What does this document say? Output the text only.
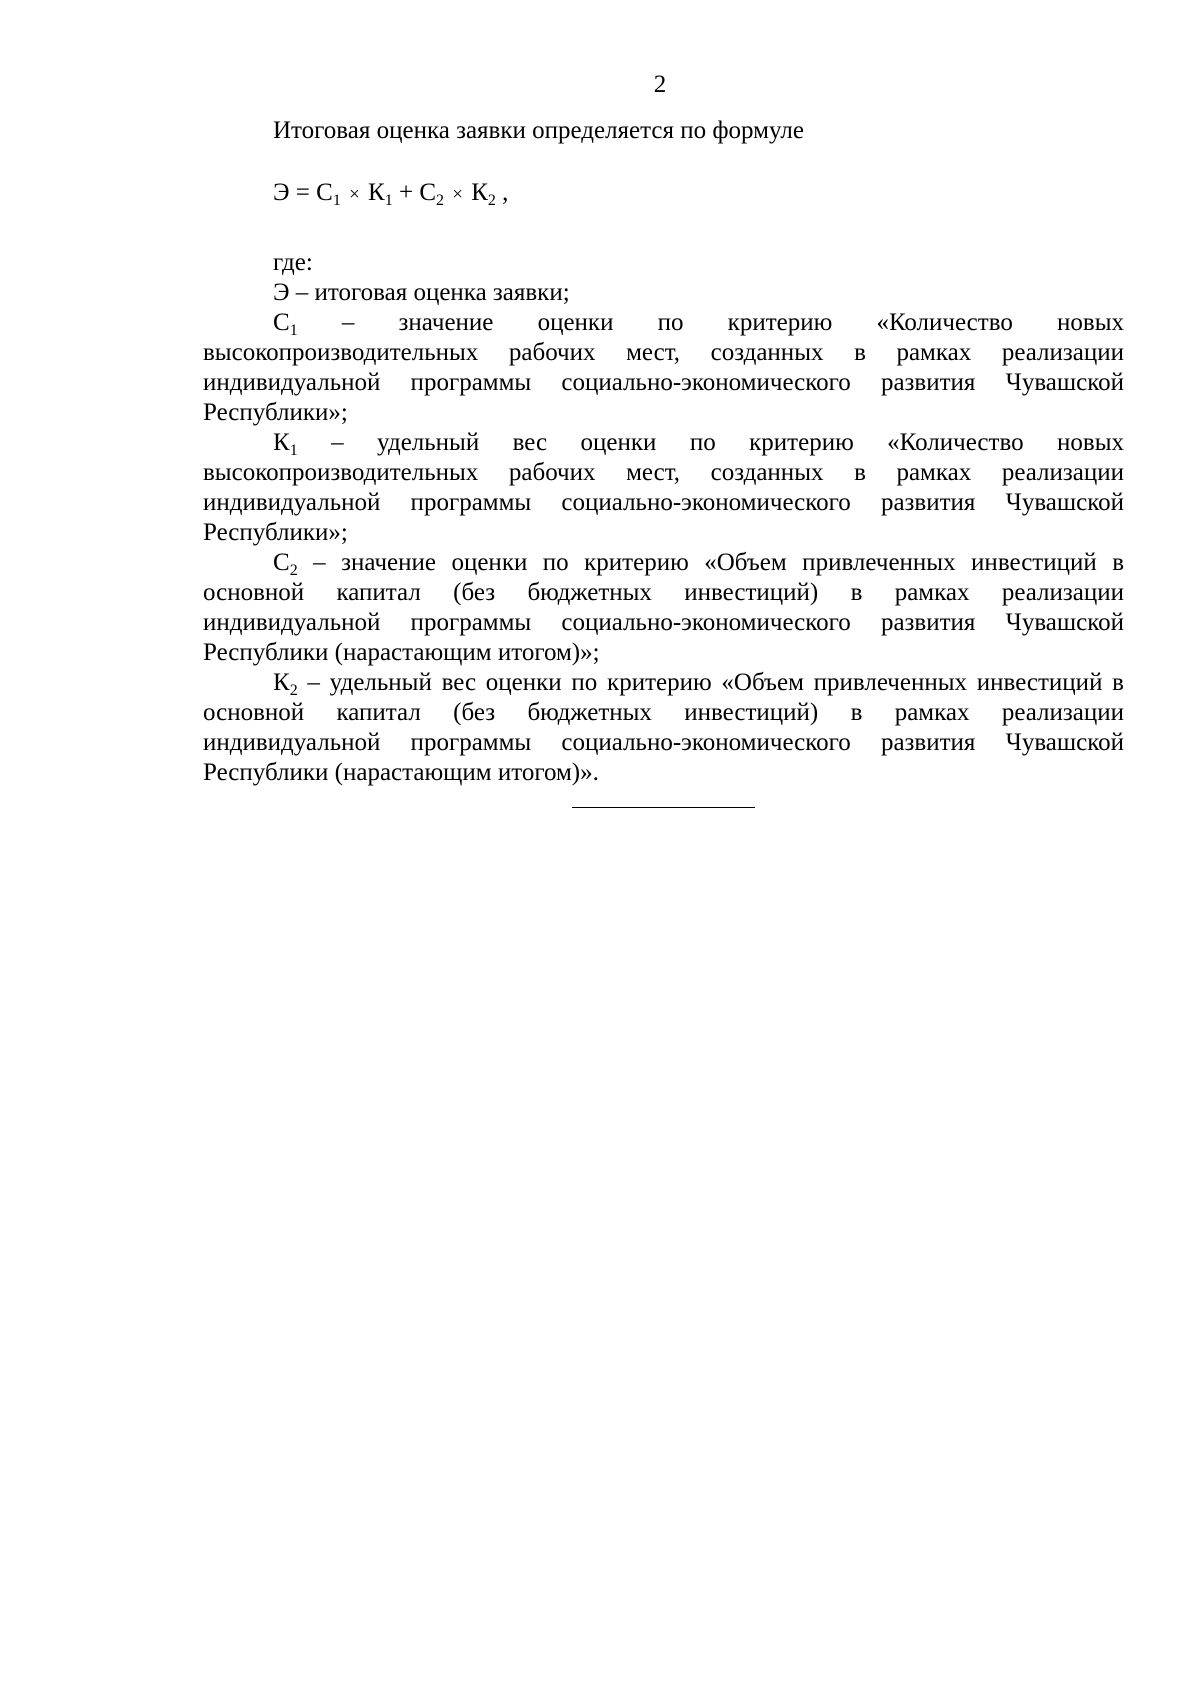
2

Итоговая оценка заявки определяется по формуле

$Э = С_1 \times К_1 + С_2 \times К_2$ ,

где:

Э – итоговая оценка заявки;

$С_1$ – значение оценки по критерию «Количество новых высокопроизводительных рабочих мест, созданных в рамках реализации индивидуальной программы социально-экономического развития Чувашской Республики»;

$К_1$ – удельный вес оценки по критерию «Количество новых высокопроизводительных рабочих мест, созданных в рамках реализации индивидуальной программы социально-экономического развития Чувашской Республики»;

$С_2$ – значение оценки по критерию «Объем привлеченных инвестиций в основной капитал (без бюджетных инвестиций) в рамках реализации индивидуальной программы социально-экономического развития Чувашской Республики (нарастающим итогом)»;

$К_2$ – удельный вес оценки по критерию «Объем привлеченных инвестиций в основной капитал (без бюджетных инвестиций) в рамках реализации индивидуальной программы социально-экономического развития Чувашской Республики (нарастающим итогом)».
